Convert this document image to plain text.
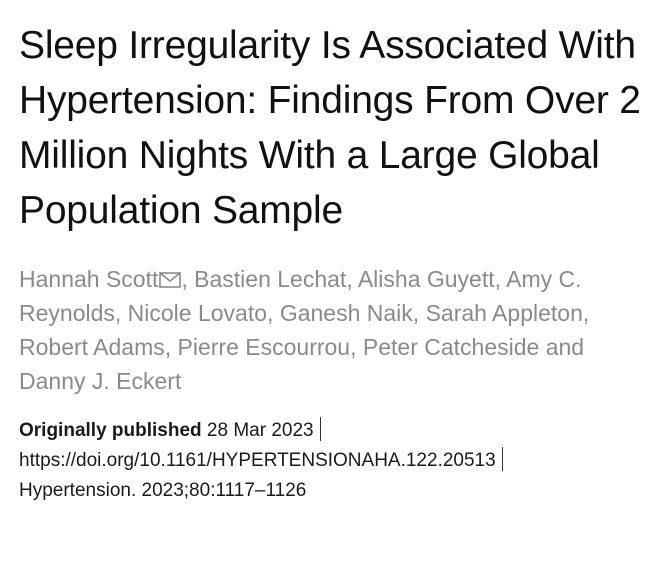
Sleep Irregularity Is Associated With Hypertension: Findings From Over 2 Million Nights With a Large Global Population Sample
Hannah Scott , Bastien Lechat, Alisha Guyett, Amy C. Reynolds, Nicole Lovato, Ganesh Naik, Sarah Appleton, Robert Adams, Pierre Escourrou, Peter Catcheside and Danny J. Eckert
Originally published 28 Mar 2023
https://doi.org/10.1161/HYPERTENSIONAHA.122.20513
Hypertension. 2023;80:1117–1126
